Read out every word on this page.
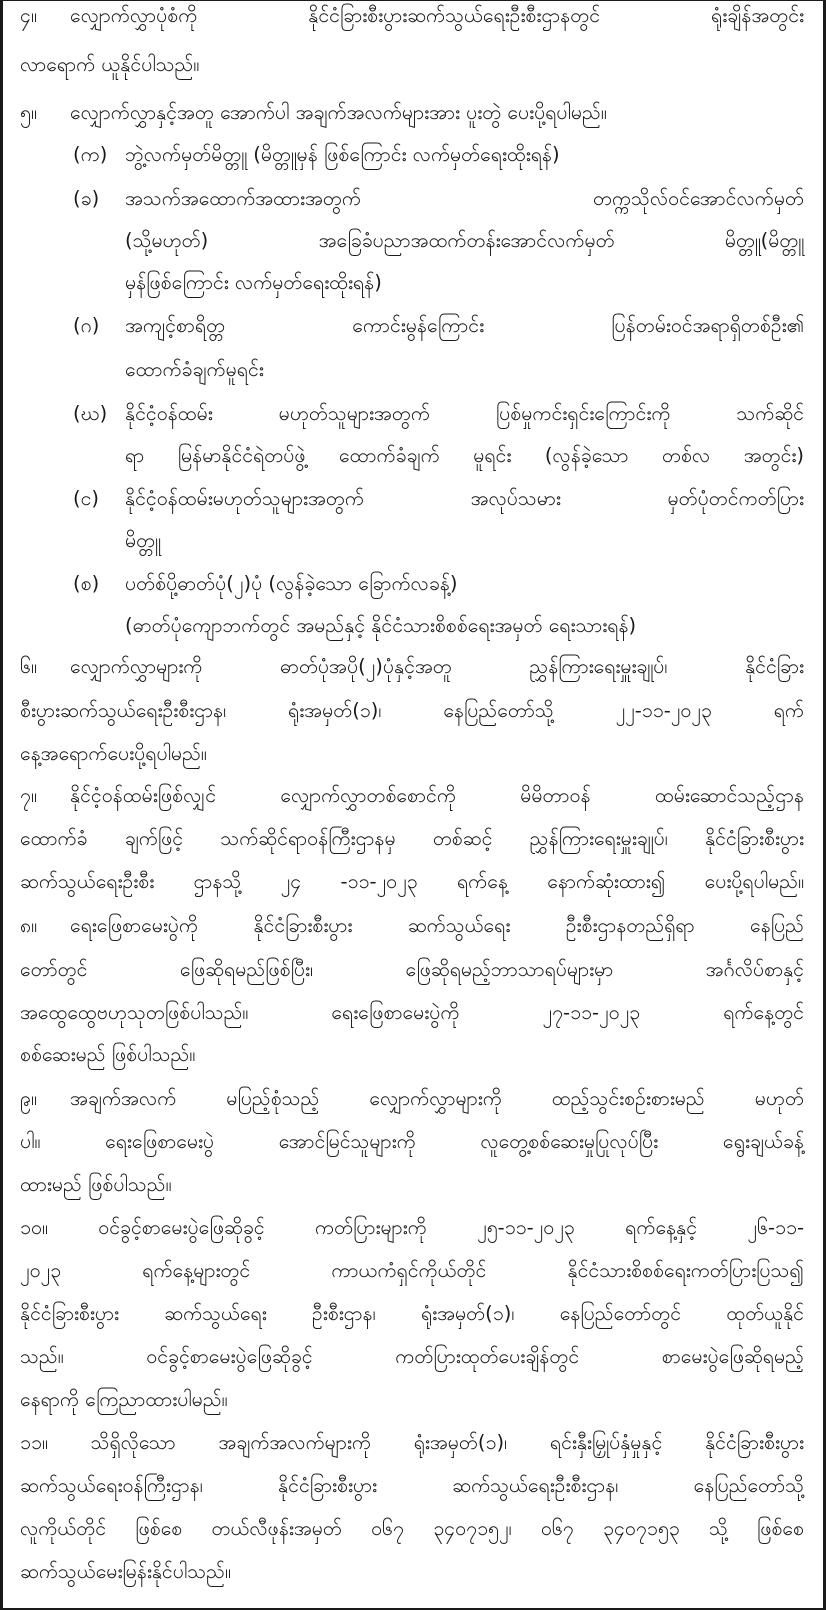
၄။ လျှောက်လွှာပုံစံကို နိုင်ငံခြားစီးပွားဆက်သွယ်ရေးဦးစီးဌာနတွင် ရုံးချိန်အတွင်း
လာရောက် ယူနိုင်ပါသည်။
၅။ လျှောက်လွှာနှင့်အတူ အောက်ပါ အချက်အလက်များအား ပူးတွဲ ပေးပို့ရပါမည်။
(က) ဘွဲ့လက်မှတ်မိတ္တူ (မိတ္တူမှန် ဖြစ်ကြောင်း လက်မှတ်ရေးထိုးရန်)
(ခ) အသက်အထောက်အထားအတွက် တက္ကသိုလ်ဝင်အောင်လက်မှတ်
(သို့မဟုတ်) အခြေခံပညာအထက်တန်းအောင်လက်မှတ် မိတ္တူ(မိတ္တူ
မှန်ဖြစ်ကြောင်း လက်မှတ်ရေးထိုးရန်)
(ဂ) အကျင့်စာရိတ္တ ကောင်းမွန်ကြောင်း ပြန်တမ်းဝင်အရာရှိတစ်ဦး၏
ထောက်ခံချက်မူရင်း
(ဃ) နိုင်ငံ့ဝန်ထမ်း မဟုတ်သူများအတွက် ပြစ်မှုကင်းရှင်းကြောင်းကို သက်ဆိုင်
ရာ မြန်မာနိုင်ငံရဲတပ်ဖွဲ့ ထောက်ခံချက် မူရင်း (လွန်ခဲ့သော တစ်လ အတွင်း)
(င) နိုင်ငံ့ဝန်ထမ်းမဟုတ်သူများအတွက် အလုပ်သမား မှတ်ပုံတင်ကတ်ပြား
မိတ္တူ
(စ) ပတ်စ်ပို့ဓာတ်ပုံ(၂)ပုံ (လွန်ခဲ့သော ခြောက်လခန့်)
(ဓာတ်ပုံကျောဘက်တွင် အမည်နှင့် နိုင်ငံသားစိစစ်ရေးအမှတ် ရေးသားရန်)
၆။ လျှောက်လွှာများကို ဓာတ်ပုံအပို(၂)ပုံနှင့်အတူ ညွှန်ကြားရေးမှူးချုပ်၊ နိုင်ငံခြား
စီးပွားဆက်သွယ်ရေးဦးစီးဌာန၊ ရုံးအမှတ်(၁)၊ နေပြည်တော်သို့ ၂၂-၁၁-၂၀၂၃ ရက်
နေ့အရောက်ပေးပို့ရပါမည်။
၇။ နိုင်ငံ့ဝန်ထမ်းဖြစ်လျှင် လျှောက်လွှာတစ်စောင်ကို မိမိတာဝန် ထမ်းဆောင်သည့်ဌာန
ထောက်ခံ ချက်ဖြင့် သက်ဆိုင်ရာဝန်ကြီးဌာနမှ တစ်ဆင့် ညွှန်ကြားရေးမှူးချုပ်၊ နိုင်ငံခြားစီးပွား
ဆက်သွယ်ရေးဦးစီး ဌာနသို့ ၂၄ -၁၁-၂၀၂၃ ရက်နေ့ နောက်ဆုံးထား၍ ပေးပို့ရပါမည်။
၈။ ရေးဖြေစာမေးပွဲကို နိုင်ငံခြားစီးပွား ဆက်သွယ်ရေး ဦးစီးဌာနတည်ရှိရာ နေပြည်
တော်တွင် ဖြေဆိုရမည်ဖြစ်ပြီး၊ ဖြေဆိုရမည့်ဘာသာရပ်များမှာ အင်္ဂလိပ်စာနှင့်
အထွေထွေဗဟုသုတဖြစ်ပါသည်။ ရေးဖြေစာမေးပွဲကို ၂၇-၁၁-၂၀၂၃ ရက်နေ့တွင်
စစ်ဆေးမည် ဖြစ်ပါသည်။
၉။ အချက်အလက် မပြည့်စုံသည့် လျှောက်လွှာများကို ထည့်သွင်းစဉ်းစားမည် မဟုတ်
ပါ။ ရေးဖြေစာမေးပွဲ အောင်မြင်သူများကို လူတွေ့စစ်ဆေးမှုပြုလုပ်ပြီး ရွေးချယ်ခန့်
ထားမည် ဖြစ်ပါသည်။
၁၀။ ဝင်ခွင့်စာမေးပွဲဖြေဆိုခွင့် ကတ်ပြားများကို ၂၅-၁၁-၂၀၂၃ ရက်နေ့နှင့် ၂၆-၁၁-
၂၀၂၃ ရက်နေ့များတွင် ကာယကံရှင်ကိုယ်တိုင် နိုင်ငံသားစိစစ်ရေးကတ်ပြားပြသ၍
နိုင်ငံခြားစီးပွား ဆက်သွယ်ရေး ဦးစီးဌာန၊ ရုံးအမှတ်(၁)၊ နေပြည်တော်တွင် ထုတ်ယူနိုင်
သည်။ ဝင်ခွင့်စာမေးပွဲဖြေဆိုခွင့် ကတ်ပြားထုတ်ပေးချိန်တွင် စာမေးပွဲဖြေဆိုရမည့်
နေရာကို ကြေညာထားပါမည်။
၁၁။ သိရှိလိုသော အချက်အလက်များကို ရုံးအမှတ်(၁)၊ ရင်းနှီးမြှုပ်နှံမှုနှင့် နိုင်ငံခြားစီးပွား
ဆက်သွယ်ရေးဝန်ကြီးဌာန၊ နိုင်ငံခြားစီးပွား ဆက်သွယ်ရေးဦးစီးဌာန၊ နေပြည်တော်သို့
လူကိုယ်တိုင် ဖြစ်စေ တယ်လီဖုန်းအမှတ် ၀၆၇ ၃၄၀၇၁၅၂၊ ၀၆၇ ၃၄၀၇၁၅၃ သို့ ဖြစ်စေ
ဆက်သွယ်မေးမြန်းနိုင်ပါသည်။
